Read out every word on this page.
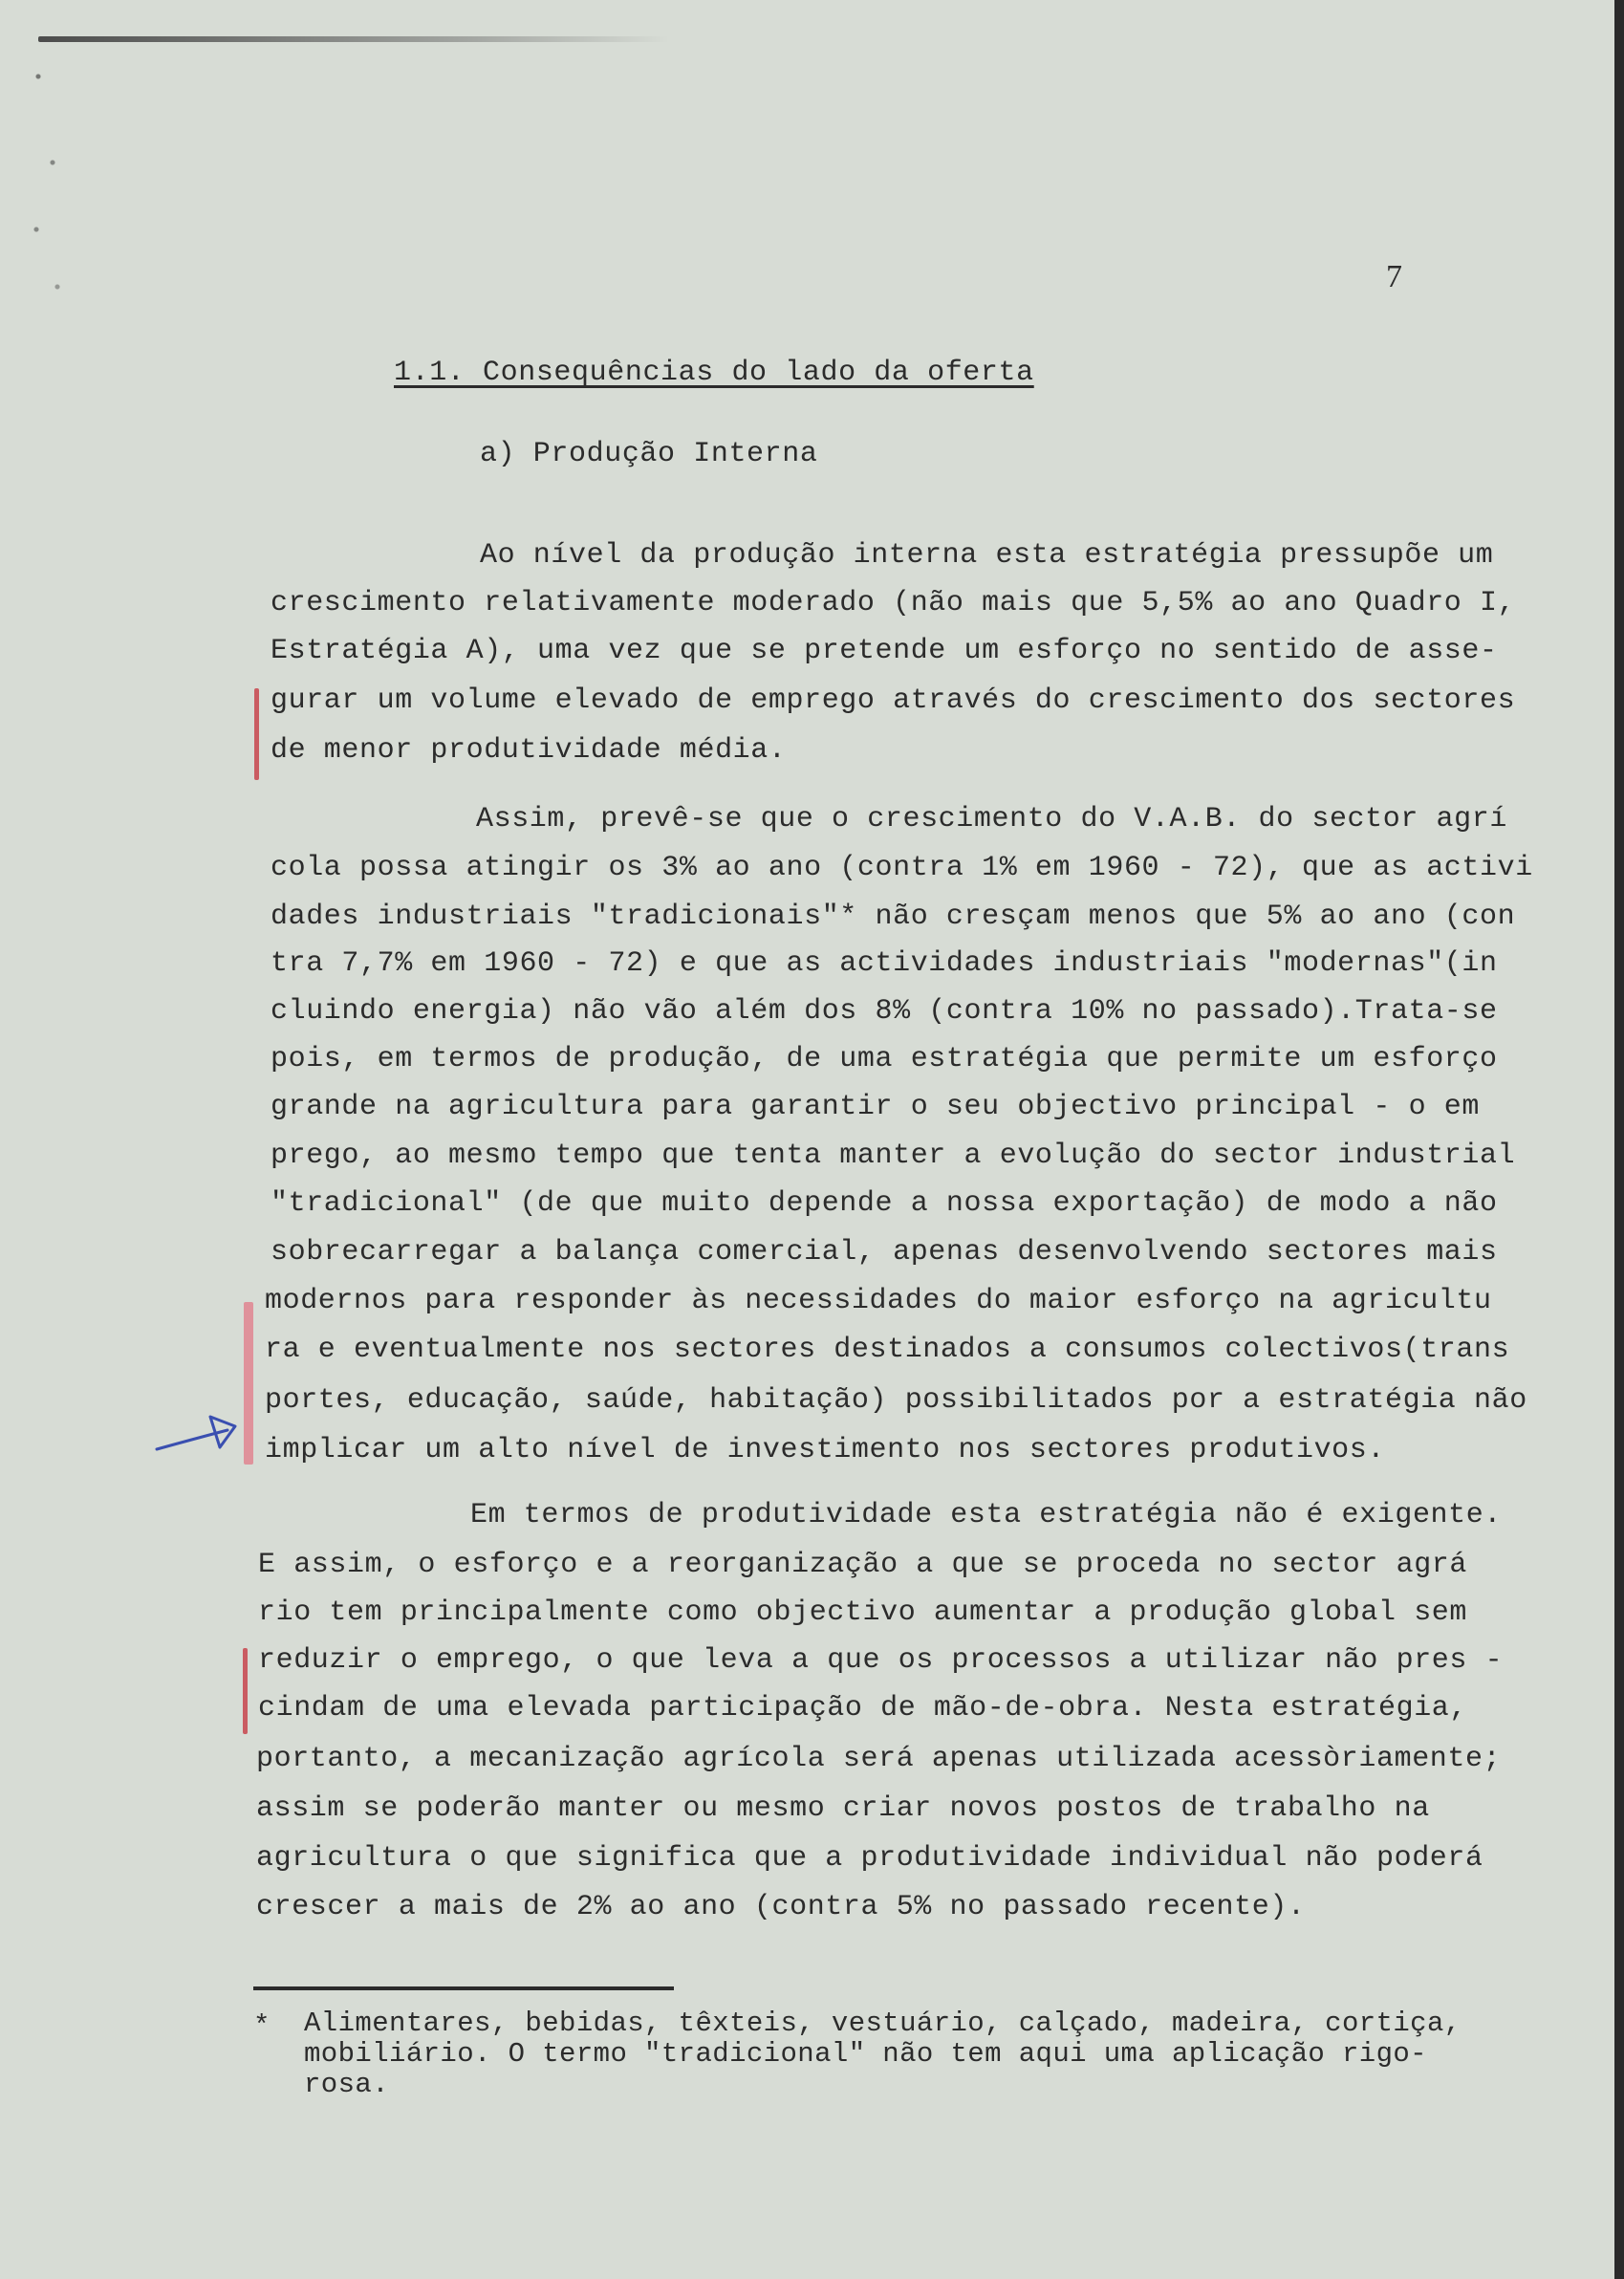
7

1.1. Consequências do lado da oferta

a) Produção Interna

Ao nível da produção interna esta estratégia pressupõe um

crescimento relativamente moderado (não mais que 5,5% ao ano Quadro I,

Estratégia A), uma vez que se pretende um esforço no sentido de asse-

gurar um volume elevado de emprego através do crescimento dos sectores

de menor produtividade média.

Assim, prevê-se que o crescimento do V.A.B. do sector agrí

cola possa atingir os 3% ao ano (contra 1% em 1960 - 72), que as activi

dades industriais "tradicionais"* não cresçam menos que 5% ao ano (con

tra 7,7% em 1960 - 72) e que as actividades industriais "modernas"(in

cluindo energia) não vão além dos 8% (contra 10% no passado).Trata-se

pois, em termos de produção, de uma estratégia que permite um esforço

grande na agricultura para garantir o seu objectivo principal - o em

prego, ao mesmo tempo que tenta manter a evolução do sector industrial

"tradicional" (de que muito depende a nossa exportação) de modo a não

sobrecarregar a balança comercial, apenas desenvolvendo sectores mais

modernos para responder às necessidades do maior esforço na agricultu

ra e eventualmente nos sectores destinados a consumos colectivos(trans

portes, educação, saúde, habitação) possibilitados por a estratégia não

implicar um alto nível de investimento nos sectores produtivos.

Em termos de produtividade esta estratégia não é exigente.

E assim, o esforço e a reorganização a que se proceda no sector agrá

rio tem principalmente como objectivo aumentar a produção global sem

reduzir o emprego, o que leva a que os processos a utilizar não pres -

cindam de uma elevada participação de mão-de-obra. Nesta estratégia,

portanto, a mecanização agrícola será apenas utilizada acessòriamente;

assim se poderão manter ou mesmo criar novos postos de trabalho na

agricultura o que significa que a produtividade individual não poderá

crescer a mais de 2% ao ano (contra 5% no passado recente).

* Alimentares, bebidas, têxteis, vestuário, calçado, madeira, cortiça,

mobiliário. O termo "tradicional" não tem aqui uma aplicação rigo-

rosa.
